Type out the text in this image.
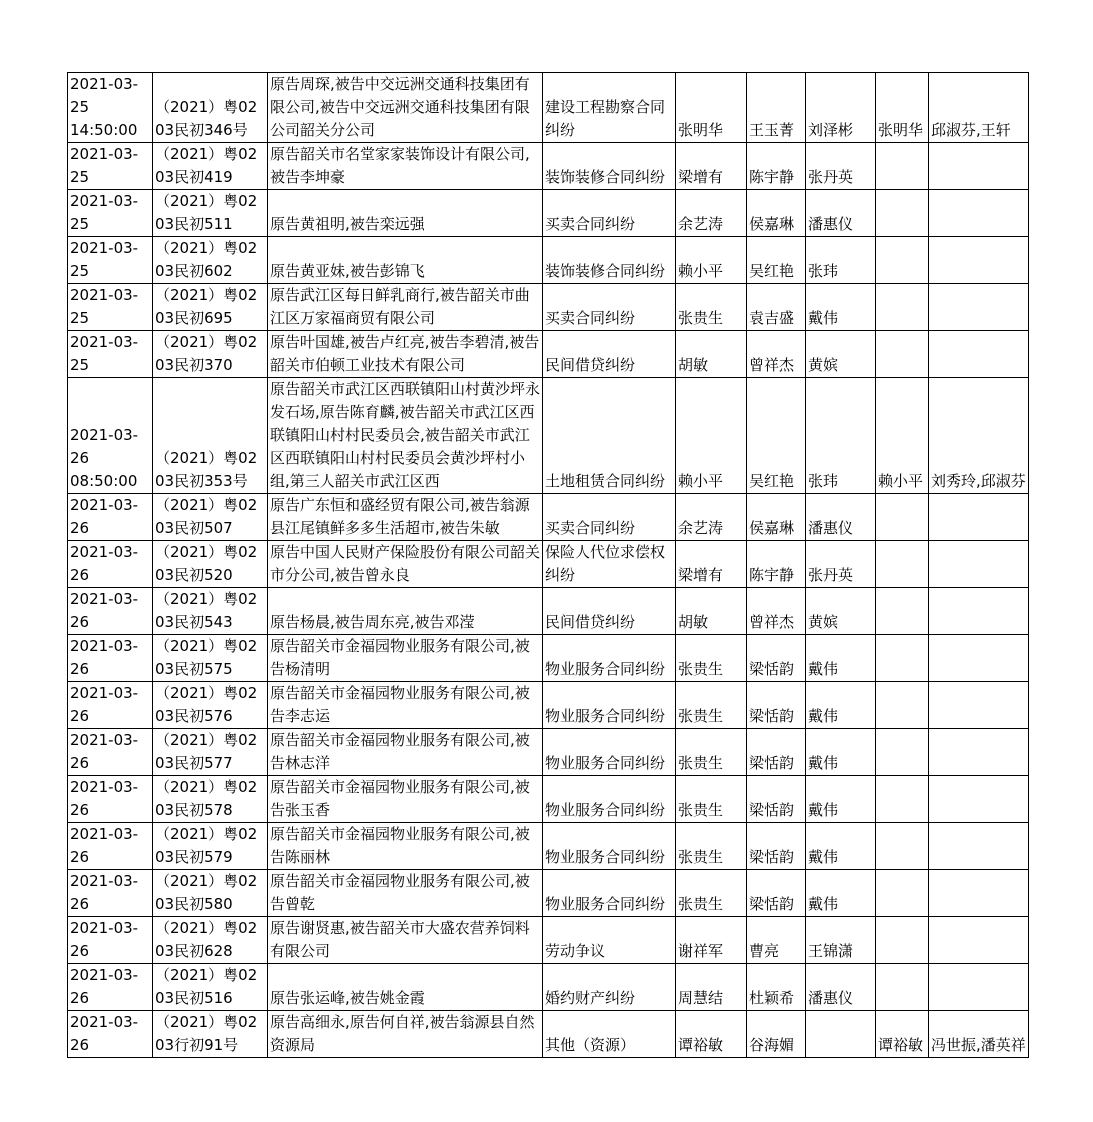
2021-03-
25
14:50:00	（2021）粤0203民初346号	原告周琛,被告中交远洲交通科技集团有限公司,被告中交远洲交通科技集团有限公司韶关分公司	建设工程勘察合同纠纷	张明华	王玉菁	刘泽彬	张明华	邱淑芬,王轩
2021-03-
25	（2021）粤0203民初419	原告韶关市名堂家家装饰设计有限公司,被告李坤豪	装饰装修合同纠纷	梁增有	陈宇静	张丹英		
2021-03-
25	（2021）粤0203民初511	原告黄祖明,被告栾远强	买卖合同纠纷	余艺涛	侯嘉琳	潘惠仪		
2021-03-
25	（2021）粤0203民初602	原告黄亚妹,被告彭锦飞	装饰装修合同纠纷	赖小平	吴红艳	张玮		
2021-03-
25	（2021）粤0203民初695	原告武江区每日鲜乳商行,被告韶关市曲江区万家福商贸有限公司	买卖合同纠纷	张贵生	袁吉盛	戴伟		
2021-03-
25	（2021）粤0203民初370	原告叶国雄,被告卢红亮,被告李碧清,被告韶关市伯顿工业技术有限公司	民间借贷纠纷	胡敏	曾祥杰	黄嫔		
2021-03-
26
08:50:00	（2021）粤0203民初353号	原告韶关市武江区西联镇阳山村黄沙坪永发石场,原告陈育麟,被告韶关市武江区西联镇阳山村村民委员会,被告韶关市武江区西联镇阳山村村民委员会黄沙坪村小组,第三人韶关市武江区西	土地租赁合同纠纷	赖小平	吴红艳	张玮	赖小平	刘秀玲,邱淑芬
2021-03-
26	（2021）粤0203民初507	原告广东恒和盛经贸有限公司,被告翁源县江尾镇鲜多多生活超市,被告朱敏	买卖合同纠纷	余艺涛	侯嘉琳	潘惠仪		
2021-03-
26	（2021）粤0203民初520	原告中国人民财产保险股份有限公司韶关市分公司,被告曾永良	保险人代位求偿权纠纷	梁增有	陈宇静	张丹英		
2021-03-
26	（2021）粤0203民初543	原告杨晨,被告周东亮,被告邓滢	民间借贷纠纷	胡敏	曾祥杰	黄嫔		
2021-03-
26	（2021）粤0203民初575	原告韶关市金福园物业服务有限公司,被告杨清明	物业服务合同纠纷	张贵生	梁恬韵	戴伟		
2021-03-
26	（2021）粤0203民初576	原告韶关市金福园物业服务有限公司,被告李志运	物业服务合同纠纷	张贵生	梁恬韵	戴伟		
2021-03-
26	（2021）粤0203民初577	原告韶关市金福园物业服务有限公司,被告林志洋	物业服务合同纠纷	张贵生	梁恬韵	戴伟		
2021-03-
26	（2021）粤0203民初578	原告韶关市金福园物业服务有限公司,被告张玉香	物业服务合同纠纷	张贵生	梁恬韵	戴伟		
2021-03-
26	（2021）粤0203民初579	原告韶关市金福园物业服务有限公司,被告陈丽林	物业服务合同纠纷	张贵生	梁恬韵	戴伟		
2021-03-
26	（2021）粤0203民初580	原告韶关市金福园物业服务有限公司,被告曾乾	物业服务合同纠纷	张贵生	梁恬韵	戴伟		
2021-03-
26	（2021）粤0203民初628	原告谢贤惠,被告韶关市大盛农营养饲料有限公司	劳动争议	谢祥军	曹亮	王锦潇		
2021-03-
26	（2021）粤0203民初516	原告张运峰,被告姚金霞	婚约财产纠纷	周慧结	杜颖希	潘惠仪		
2021-03-
26	（2021）粤0203行初91号	原告高细永,原告何自祥,被告翁源县自然资源局	其他（资源）	谭裕敏	谷海媚		谭裕敏	冯世振,潘英祥
